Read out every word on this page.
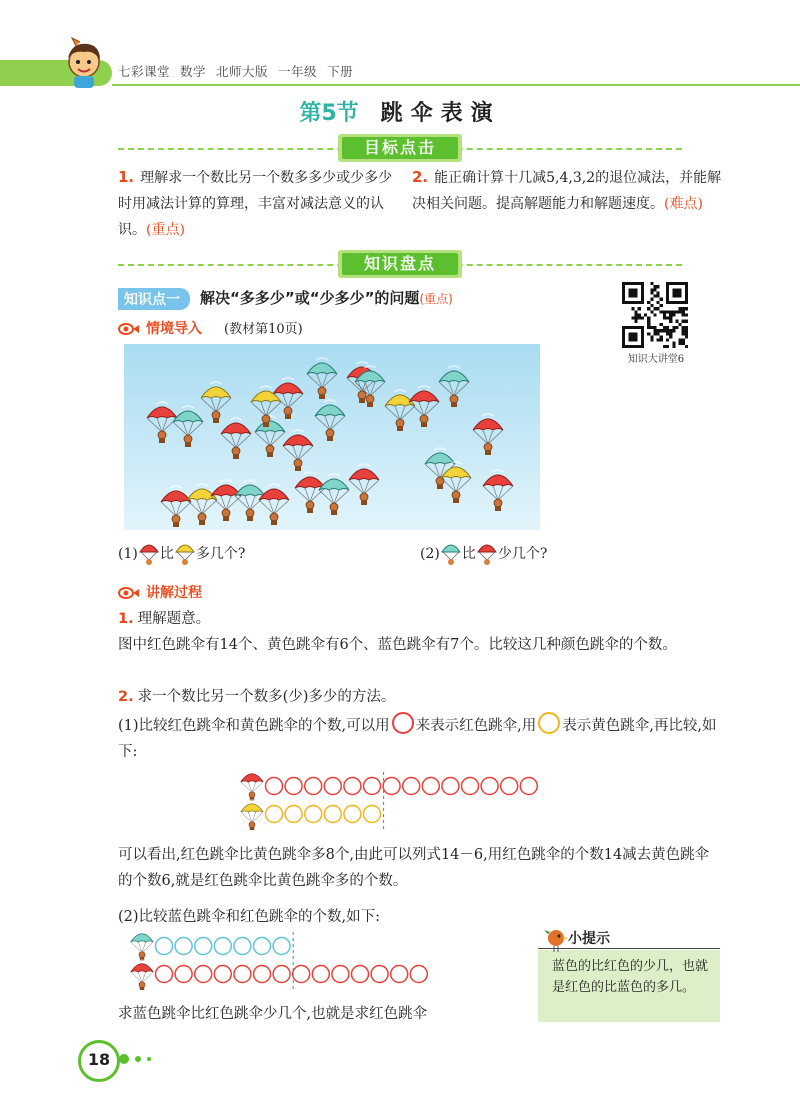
七彩课堂 数学 北师大版 一年级 下册
第5节 跳伞表演
目标点击
1. 理解求一个数比另一个数多多少或少多少时用减法计算的算理，丰富对减法意义的认识。(重点)
2. 能正确计算十几减5,4,3,2的退位减法，并能解决相关问题。提高解题能力和解题速度。(难点)
知识盘点
知识点一	解决“多多少”或“少多少”的问题(重点)
知识大讲堂6
情境导入 (教材第10页)
(1) 比 多几个?	(2) 比 少几个?
讲解过程
1. 理解题意。
图中红色跳伞有14个、黄色跳伞有6个、蓝色跳伞有7个。比较这几种颜色跳伞的个数。
2. 求一个数比另一个数多(少)多少的方法。
(1)比较红色跳伞和黄色跳伞的个数,可以用 来表示红色跳伞,用 表示黄色跳伞,再比较,如下:
可以看出,红色跳伞比黄色跳伞多8个,由此可以列式14－6,用红色跳伞的个数14减去黄色跳伞的个数6,就是红色跳伞比黄色跳伞多的个数。
(2)比较蓝色跳伞和红色跳伞的个数,如下:
求蓝色跳伞比红色跳伞少几个,也就是求红色跳伞
小提示
蓝色的比红色的少几，也就是红色的比蓝色的多几。
18
